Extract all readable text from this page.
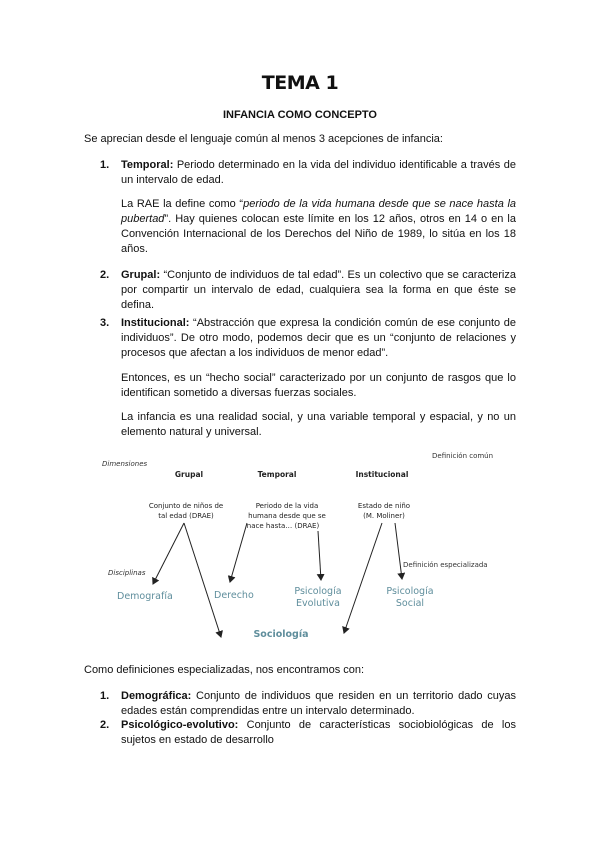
TEMA 1
INFANCIA COMO CONCEPTO
Se aprecian desde el lenguaje común al menos 3 acepciones de infancia:
1. Temporal: Periodo determinado en la vida del individuo identificable a través de un intervalo de edad.
La RAE la define como “periodo de la vida humana desde que se nace hasta la pubertad”. Hay quienes colocan este límite en los 12 años, otros en 14 o en la Convención Internacional de los Derechos del Niño de 1989, lo sitúa en los 18 años.
2. Grupal: “Conjunto de individuos de tal edad”. Es un colectivo que se caracteriza por compartir un intervalo de edad, cualquiera sea la forma en que éste se defina.
3. Institucional: “Abstracción que expresa la condición común de ese conjunto de individuos”. De otro modo, podemos decir que es un “conjunto de relaciones y procesos que afectan a los individuos de menor edad”.
Entonces, es un “hecho social” caracterizado por un conjunto de rasgos que lo identifican sometido a diversas fuerzas sociales.
La infancia es una realidad social, y una variable temporal y espacial, y no un elemento natural y universal.
Dimensiones
Definición común
Grupal	Temporal	Institucional
Conjunto de niños de
tal edad (DRAE)
Periodo de la vida
humana desde que se
nace hasta… (DRAE)
Estado de niño
(M. Moliner)
Disciplinas
Definición especializada
Demografía	Derecho	Psicología
Evolutiva
Psicología
Social
Sociología
Como definiciones especializadas, nos encontramos con:
1. Demográfica: Conjunto de individuos que residen en un territorio dado cuyas edades están comprendidas entre un intervalo determinado.
2. Psicológico-evolutivo: Conjunto de características sociobiológicas de los sujetos en estado de desarrollo
